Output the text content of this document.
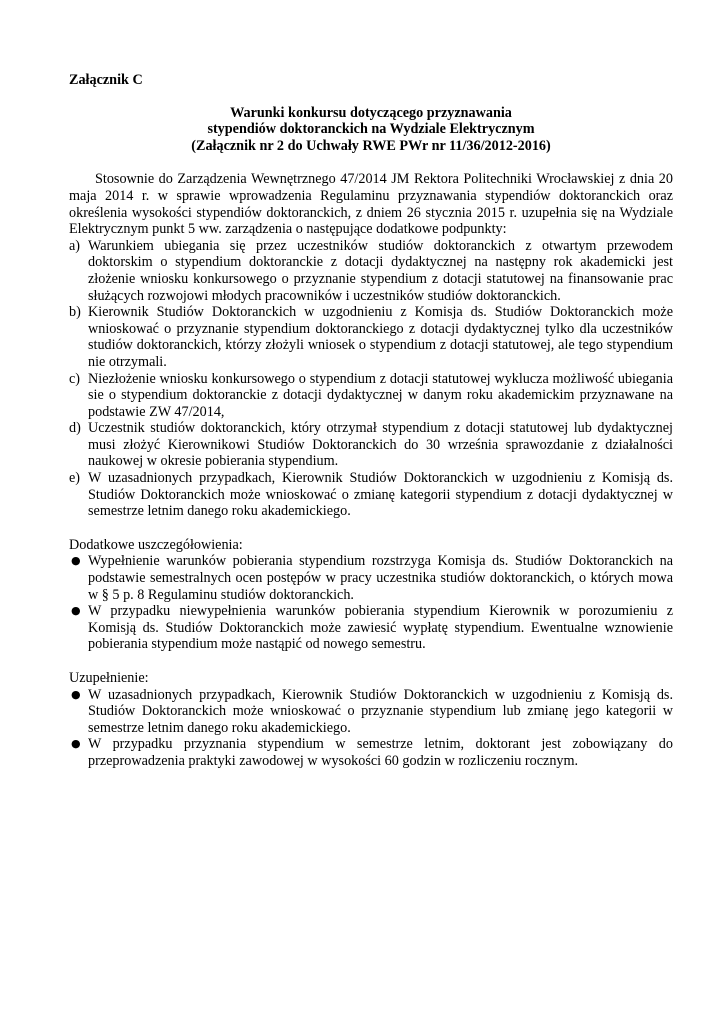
Załącznik C
Warunki konkursu dotyczącego przyznawania
stypendiów doktoranckich na Wydziale Elektrycznym
(Załącznik nr 2 do Uchwały RWE PWr nr 11/36/2012-2016)

Stosownie do Zarządzenia Wewnętrznego 47/2014 JM Rektora Politechniki Wrocławskiej z dnia 20 maja 2014 r. w sprawie wprowadzenia Regulaminu przyznawania stypendiów doktoranckich oraz określenia wysokości stypendiów doktoranckich, z dniem 26 stycznia 2015 r. uzupełnia się na Wydziale Elektrycznym punkt 5 ww. zarządzenia o następujące dodatkowe podpunkty:

a) Warunkiem ubiegania się przez uczestników studiów doktoranckich z otwartym przewodem doktorskim o stypendium doktoranckie z dotacji dydaktycznej na następny rok akademicki jest złożenie wniosku konkursowego o przyznanie stypendium z dotacji statutowej na finansowanie prac służących rozwojowi młodych pracowników i uczestników studiów doktoranckich.
b) Kierownik Studiów Doktoranckich w uzgodnieniu z Komisja ds. Studiów Doktoranckich może wnioskować o przyznanie stypendium doktoranckiego z dotacji dydaktycznej tylko dla uczestników studiów doktoranckich, którzy złożyli wniosek o stypendium z dotacji statutowej, ale tego stypendium nie otrzymali.
c) Niezłożenie wniosku konkursowego o stypendium z dotacji statutowej wyklucza możliwość ubiegania sie o stypendium doktoranckie z dotacji dydaktycznej w danym roku akademickim przyznawane na podstawie ZW 47/2014,
d) Uczestnik studiów doktoranckich, który otrzymał stypendium z dotacji statutowej lub dydaktycznej musi złożyć Kierownikowi Studiów Doktoranckich do 30 września sprawozdanie z działalności naukowej w okresie pobierania stypendium.
e) W uzasadnionych przypadkach, Kierownik Studiów Doktoranckich w uzgodnieniu z Komisją ds. Studiów Doktoranckich może wnioskować o zmianę kategorii stypendium z dotacji dydaktycznej w semestrze letnim danego roku akademickiego.
Dodatkowe uszczegółowienia:
● Wypełnienie warunków pobierania stypendium rozstrzyga Komisja ds. Studiów Doktoranckich na podstawie semestralnych ocen postępów w pracy uczestnika studiów doktoranckich, o których mowa w § 5 p. 8 Regulaminu studiów doktoranckich.
● W przypadku niewypełnienia warunków pobierania stypendium Kierownik w porozumieniu z Komisją ds. Studiów Doktoranckich może zawiesić wypłatę stypendium. Ewentualne wznowienie pobierania stypendium może nastąpić od nowego semestru.
Uzupełnienie:
● W uzasadnionych przypadkach, Kierownik Studiów Doktoranckich w uzgodnieniu z Komisją ds. Studiów Doktoranckich może wnioskować o przyznanie stypendium lub zmianę jego kategorii w semestrze letnim danego roku akademickiego.
● W przypadku przyznania stypendium w semestrze letnim, doktorant jest zobowiązany do przeprowadzenia praktyki zawodowej w wysokości 60 godzin w rozliczeniu rocznym.
